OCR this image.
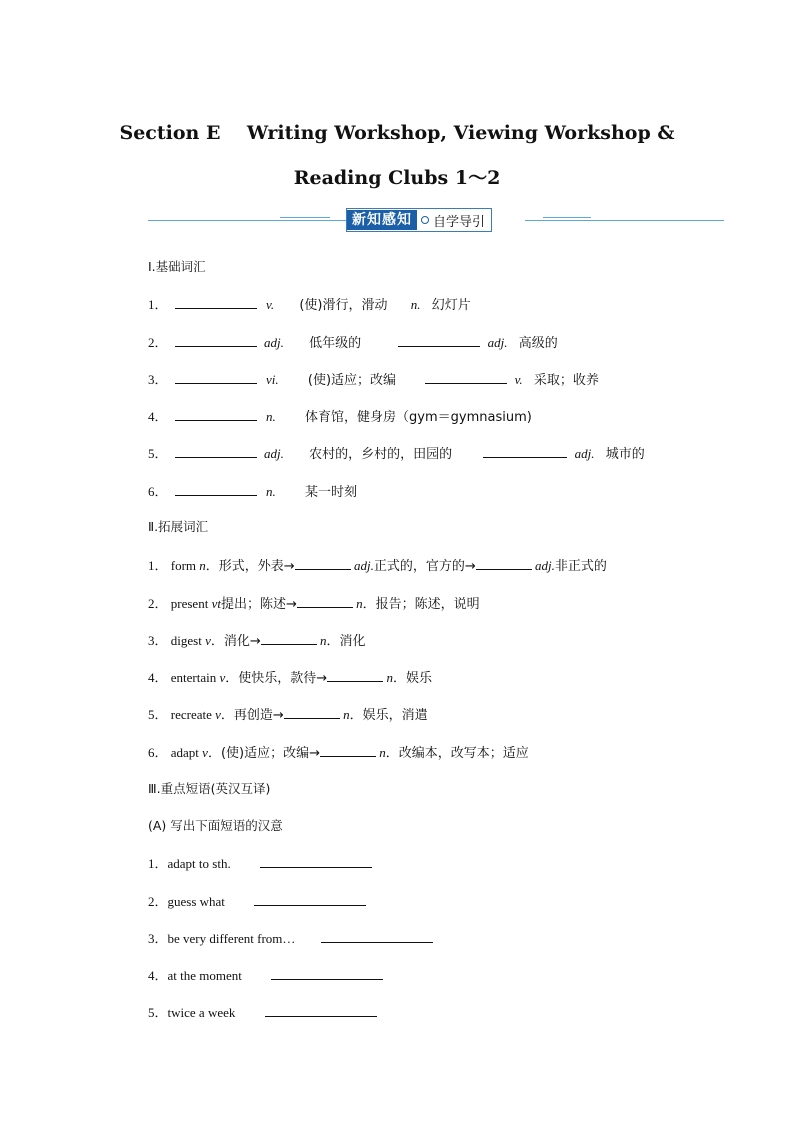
Section E    Writing Workshop, Viewing Workshop &
Reading Clubs 1～2
新知感知	自学导引
Ⅰ.基础词汇
1．	v. (使)滑行，滑动 n. 幻灯片
2．	adj. 低年级的	adj. 高级的
3．	vi. (使)适应；改编	v. 采取；收养
4．	n. 体育馆，健身房（gym＝gymnasium)
5．	adj. 农村的，乡村的，田园的	adj. 城市的
6．	n. 某一时刻
Ⅱ.拓展词汇
1． form n．形式，外表→	adj.正式的，官方的→	adj.非正式的
2． present vt提出；陈述→	n．报告；陈述，说明
3． digest v．消化→	n．消化
4． entertain v．使快乐，款待→	n．娱乐
5． recreate v．再创造→	n．娱乐，消遣
6． adapt v．(使)适应；改编→	n．改编本，改写本；适应
Ⅲ.重点短语(英汉互译)
(A) 写出下面短语的汉意
1．adapt to sth.
2．guess what
3．be very different from…
4．at the moment
5．twice a week
